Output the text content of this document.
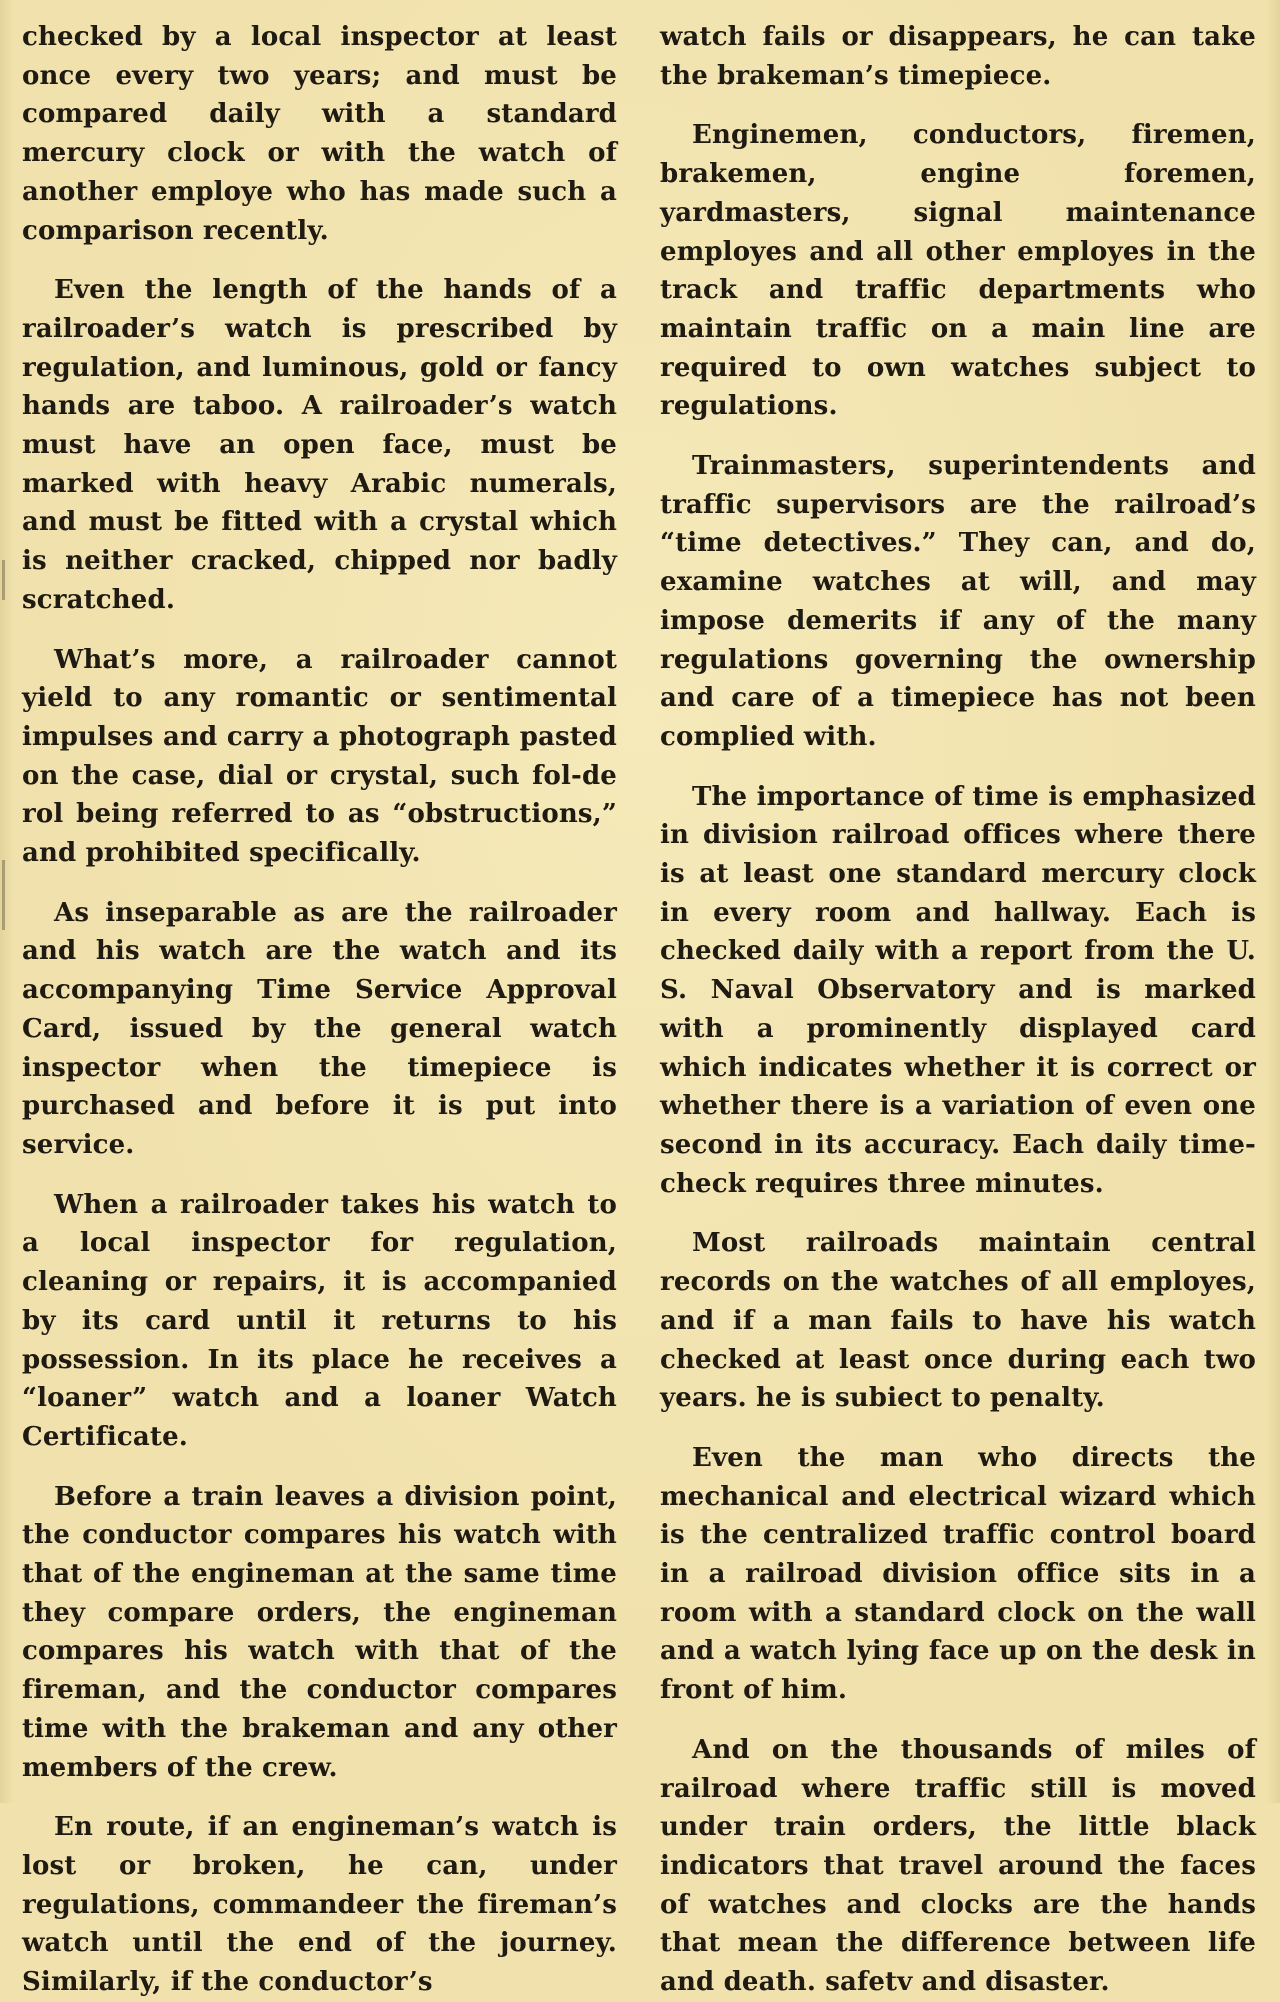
checked by a local inspector at least once every two years; and must be compared daily with a standard mercury clock or with the watch of another employe who has made such a comparison recently.

Even the length of the hands of a railroader’s watch is prescribed by regulation, and luminous, gold or fancy hands are taboo. A railroader’s watch must have an open face, must be marked with heavy Arabic numerals, and must be fitted with a crystal which is neither cracked, chipped nor badly scratched.

What’s more, a railroader cannot yield to any romantic or sentimental impulses and carry a photograph pasted on the case, dial or crystal, such fol-de rol being referred to as “obstructions,” and prohibited specifically.

As inseparable as are the railroader and his watch are the watch and its accompanying Time Service Approval Card, issued by the general watch inspector when the timepiece is purchased and before it is put into service.

When a railroader takes his watch to a local inspector for regulation, cleaning or repairs, it is accompanied by its card until it returns to his possession. In its place he receives a “loaner” watch and a loaner Watch Certificate.

Before a train leaves a division point, the conductor compares his watch with that of the engineman at the same time they compare orders, the engineman compares his watch with that of the fireman, and the conductor compares time with the brakeman and any other members of the crew.

En route, if an engineman’s watch is lost or broken, he can, under regulations, commandeer the fireman’s watch until the end of the journey. Similarly, if the conductor’s

watch fails or disappears, he can take the brakeman’s timepiece.

Enginemen, conductors, firemen, brakemen, engine foremen, yardmasters, signal maintenance employes and all other employes in the track and traffic departments who maintain traffic on a main line are required to own watches subject to regulations.

Trainmasters, superintendents and traffic supervisors are the railroad’s “time detectives.” They can, and do, examine watches at will, and may impose demerits if any of the many regulations governing the ownership and care of a timepiece has not been complied with.

The importance of time is emphasized in division railroad offices where there is at least one standard mercury clock in every room and hallway. Each is checked daily with a report from the U. S. Naval Observatory and is marked with a prominently displayed card which indicates whether it is correct or whether there is a variation of even one second in its accuracy. Each daily time-check requires three minutes.

Most railroads maintain central records on the watches of all employes, and if a man fails to have his watch checked at least once during each two years. he is subiect to penalty.

Even the man who directs the mechanical and electrical wizard which is the centralized traffic control board in a railroad division office sits in a room with a standard clock on the wall and a watch lying face up on the desk in front of him.

And on the thousands of miles of railroad where traffic still is moved under train orders, the little black indicators that travel around the faces of watches and clocks are the hands that mean the difference between life and death. safetv and disaster.
